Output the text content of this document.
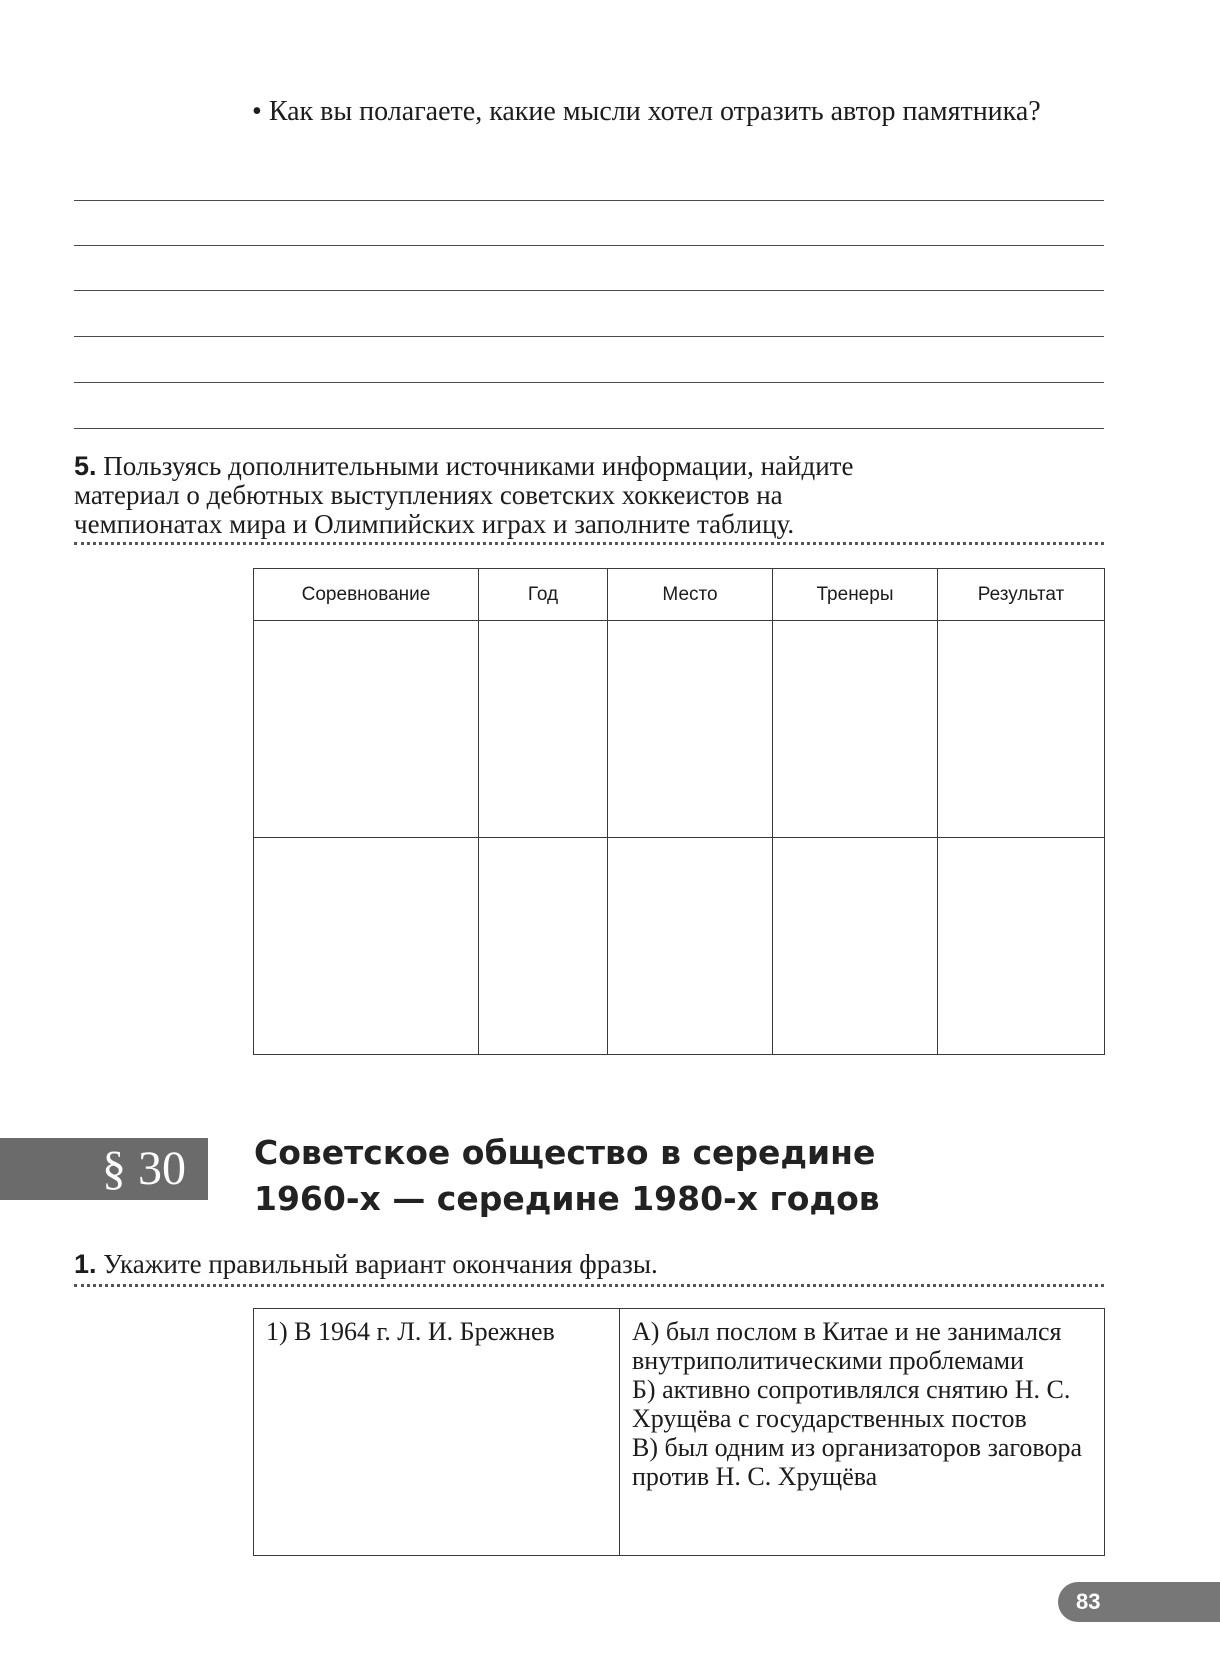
• Как вы полагаете, какие мысли хотел отразить автор памятника?
5. Пользуясь дополнительными источниками информации, найдите материал о дебютных выступлениях советских хоккеистов на чемпионатах мира и Олимпийских играх и заполните таблицу.
Соревнование	Год	Место	Тренеры	Результат

§ 30	Советское общество в середине
1960-х — середине 1980-х годов
1. Укажите правильный вариант окончания фразы.
1) В 1964 г. Л. И. Брежнев	А) был послом в Китае и не занимался внутриполитическими проблемами
Б) активно сопротивлялся снятию Н. С. Хрущёва с государственных постов
В) был одним из организаторов заговора против Н. С. Хрущёва
83
